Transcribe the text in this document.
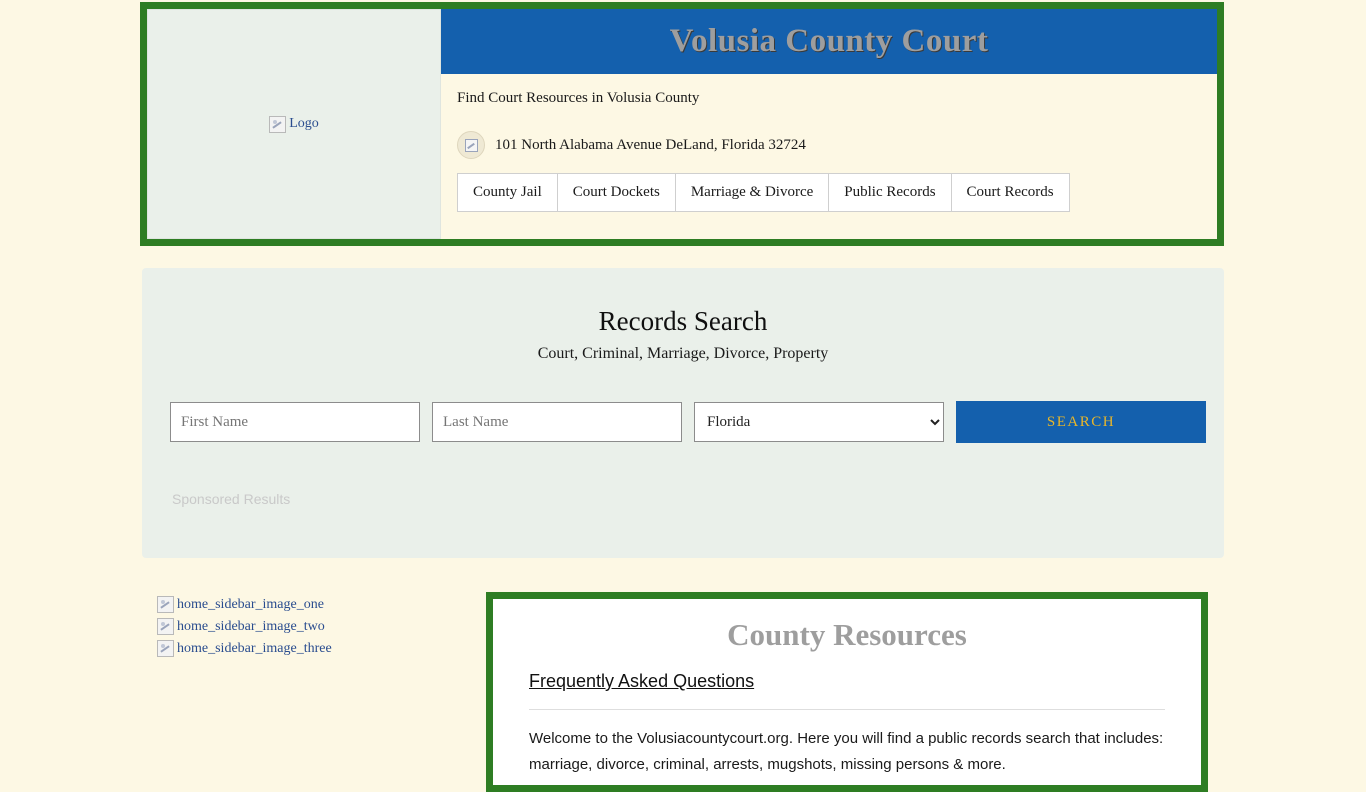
Logo
Volusia County Court
Find Court Resources in Volusia County
101 North Alabama Avenue DeLand, Florida 32724
County Jail	Court Dockets	Marriage & Divorce	Public Records	Court Records
Records Search
Court, Criminal, Marriage, Divorce, Property
First Name
Last Name
Florida
SEARCH
Sponsored Results
home_sidebar_image_one
home_sidebar_image_two
home_sidebar_image_three	County Resources
Frequently Asked Questions
Welcome to the Volusiacountycourt.org. Here you will find a public records search that includes: marriage, divorce, criminal, arrests, mugshots, missing persons & more.
